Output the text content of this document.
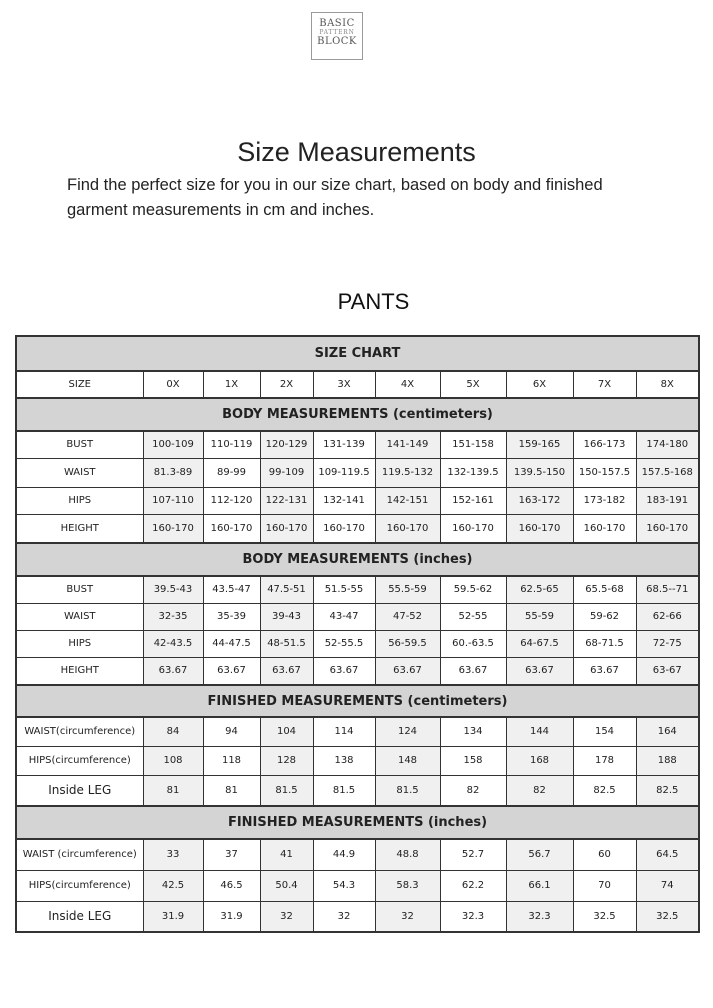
BASIC
PATTERN
BLOCK
Size Measurements
Find the perfect size for you in our size chart, based on body and finished garment measurements in cm and inches.
PANTS
SIZE CHART									
SIZE	0X	1X	2X	3X	4X	5X	6X	7X	8X
BODY MEASUREMENTS (centimeters)									
BUST	100-109	110-119	120-129	131-139	141-149	151-158	159-165	166-173	174-180
WAIST	81.3-89	89-99	99-109	109-119.5	119.5-132	132-139.5	139.5-150	150-157.5	157.5-168
HIPS	107-110	112-120	122-131	132-141	142-151	152-161	163-172	173-182	183-191
HEIGHT	160-170	160-170	160-170	160-170	160-170	160-170	160-170	160-170	160-170
BODY MEASUREMENTS (inches)									
BUST	39.5-43	43.5-47	47.5-51	51.5-55	55.5-59	59.5-62	62.5-65	65.5-68	68.5--71
WAIST	32-35	35-39	39-43	43-47	47-52	52-55	55-59	59-62	62-66
HIPS	42-43.5	44-47.5	48-51.5	52-55.5	56-59.5	60.-63.5	64-67.5	68-71.5	72-75
HEIGHT	63.67	63.67	63.67	63.67	63.67	63.67	63.67	63.67	63-67
FINISHED MEASUREMENTS (centimeters)									
WAIST(circumference)	84	94	104	114	124	134	144	154	164
HIPS(circumference)	108	118	128	138	148	158	168	178	188
Inside LEG	81	81	81.5	81.5	81.5	82	82	82.5	82.5
FINISHED MEASUREMENTS (inches)									
WAIST (circumference)	33	37	41	44.9	48.8	52.7	56.7	60	64.5
HIPS(circumference)	42.5	46.5	50.4	54.3	58.3	62.2	66.1	70	74
Inside LEG	31.9	31.9	32	32	32	32.3	32.3	32.5	32.5
